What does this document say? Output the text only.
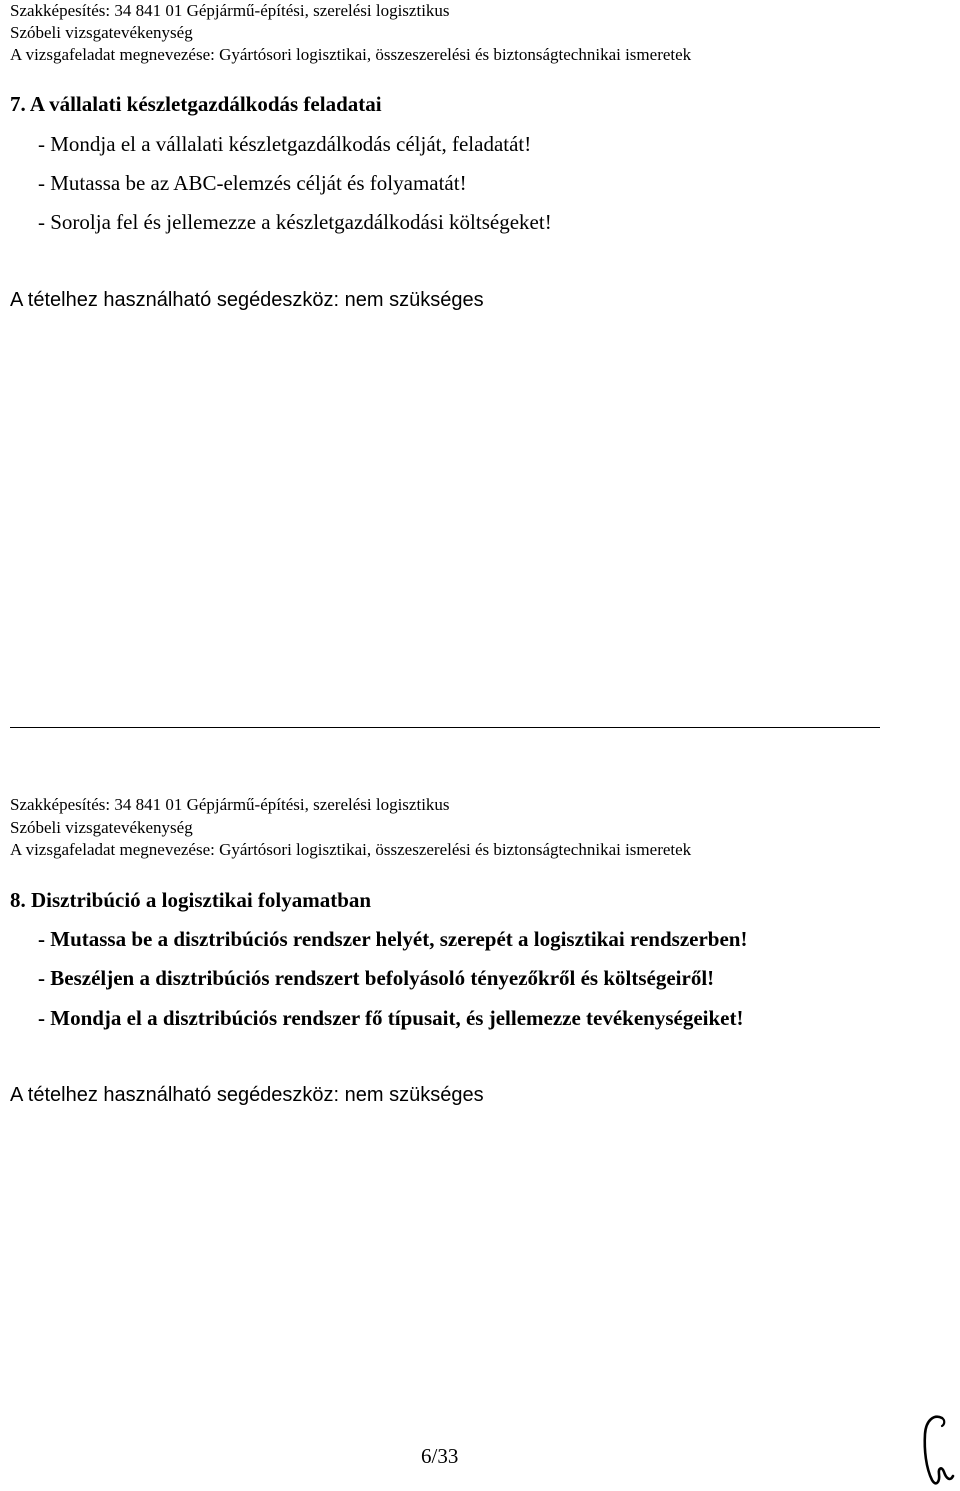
Szakképesítés: 34 841 01 Gépjármű-építési, szerelési logisztikus
Szóbeli vizsgatevékenység
A vizsgafeladat megnevezése: Gyártósori logisztikai, összeszerelési és biztonságtechnikai ismeretek
7. A vállalati készletgazdálkodás feladatai
- Mondja el a vállalati készletgazdálkodás célját, feladatát!
- Mutassa be az ABC-elemzés célját és folyamatát!
- Sorolja fel és jellemezze a készletgazdálkodási költségeket!
A tételhez használható segédeszköz: nem szükséges
Szakképesítés: 34 841 01 Gépjármű-építési, szerelési logisztikus
Szóbeli vizsgatevékenység
A vizsgafeladat megnevezése: Gyártósori logisztikai, összeszerelési és biztonságtechnikai ismeretek
8. Disztribúció a logisztikai folyamatban
- Mutassa be a disztribúciós rendszer helyét, szerepét a logisztikai rendszerben!
- Beszéljen a disztribúciós rendszert befolyásoló tényezőkről és költségeiről!
- Mondja el a disztribúciós rendszer fő típusait, és jellemezze tevékenységeiket!
A tételhez használható segédeszköz: nem szükséges
6/33
